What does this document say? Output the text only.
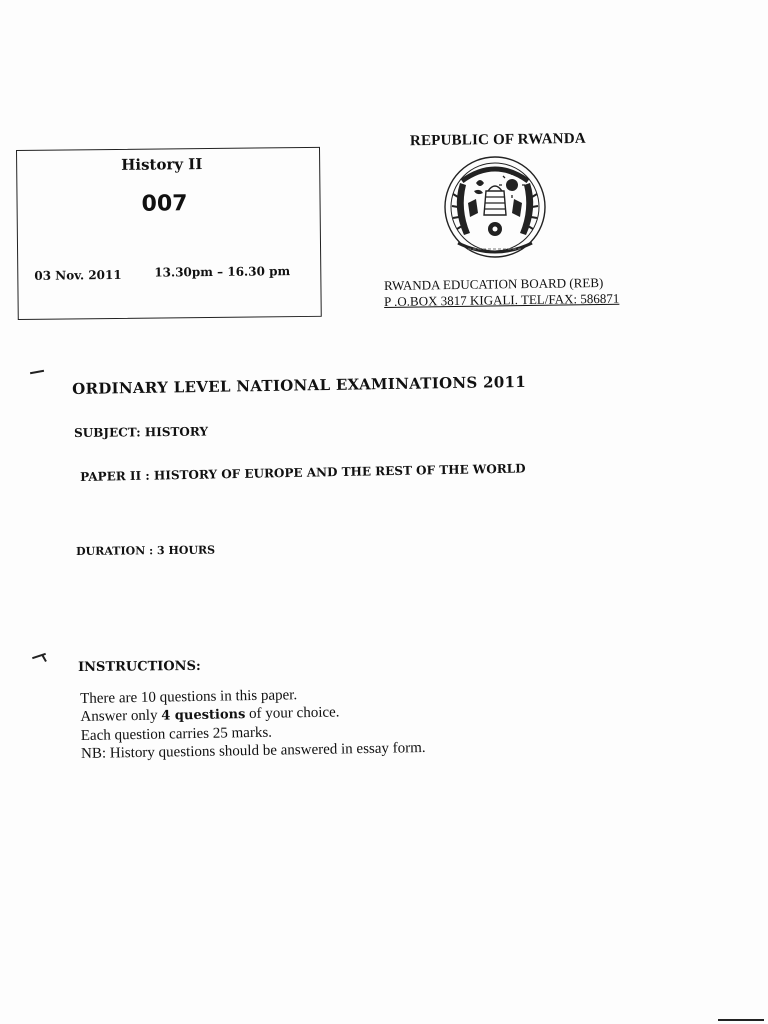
History II
007
03 Nov. 2011	13.30pm – 16.30 pm
REPUBLIC OF RWANDA
RWANDA EDUCATION BOARD (REB)
P .O.BOX 3817 KIGALI. TEL/FAX: 586871
ORDINARY LEVEL NATIONAL EXAMINATIONS 2011
SUBJECT: HISTORY
PAPER II : HISTORY OF EUROPE AND THE REST OF THE WORLD
DURATION : 3 HOURS
INSTRUCTIONS:
There are 10 questions in this paper.
Answer only 4 questions of your choice.
Each question carries 25 marks.
NB: History questions should be answered in essay form.
